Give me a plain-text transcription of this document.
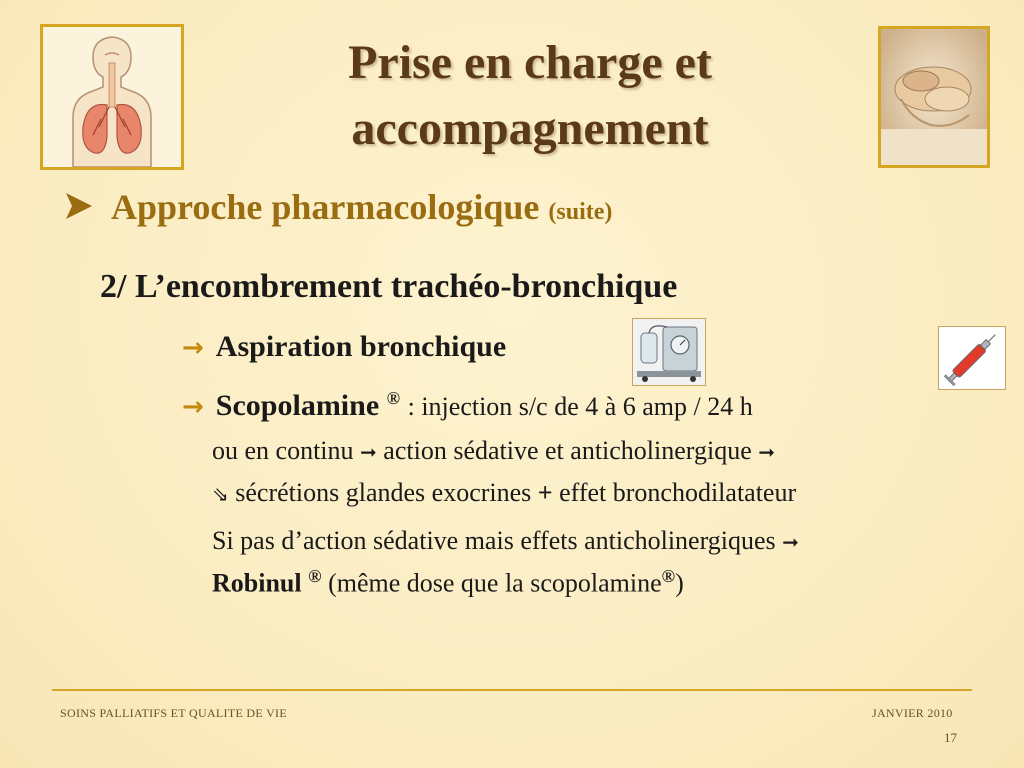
Prise en charge et
accompagnement
Approche pharmacologique (suite)
2/ L’encombrement trachéo-bronchique
→ Aspiration bronchique
→ Scopolamine ® : injection s/c de 4 à 6 amp / 24 h
ou en continu ➞ action sédative et anticholinergique ➞
⇘ sécrétions glandes exocrines + effet bronchodilatateur
Si pas d’action sédative mais effets anticholinergiques ➞
Robinul ® (même dose que la scopolamine®)
SOINS PALLIATIFS ET QUALITE DE VIE	JANVIER 2010
17
